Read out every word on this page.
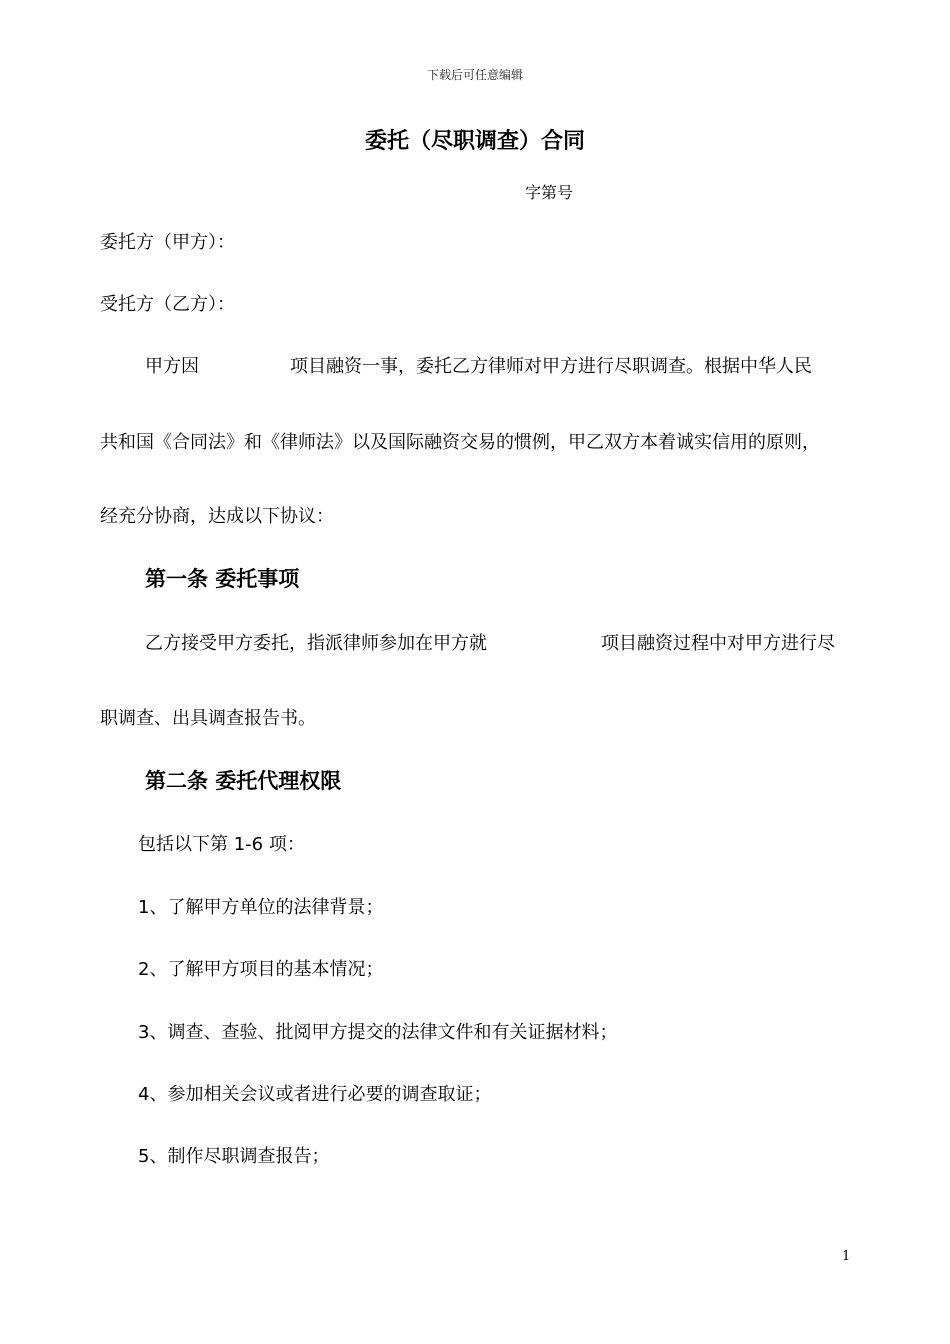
下载后可任意编辑
委托（尽职调查）合同
字第号
委托方（甲方）：
受托方（乙方）：
甲方因	项目融资一事，委托乙方律师对甲方进行尽职调查。根据中华人民
共和国《合同法》和《律师法》以及国际融资交易的惯例，甲乙双方本着诚实信用的原则，
经充分协商，达成以下协议：
第一条 委托事项
乙方接受甲方委托，指派律师参加在甲方就	项目融资过程中对甲方进行尽
职调查、出具调查报告书。
第二条 委托代理权限
包括以下第 1-6 项：
1、了解甲方单位的法律背景；
2、了解甲方项目的基本情况；
3、调查、查验、批阅甲方提交的法律文件和有关证据材料；
4、参加相关会议或者进行必要的调查取证；
5、制作尽职调查报告；
1
